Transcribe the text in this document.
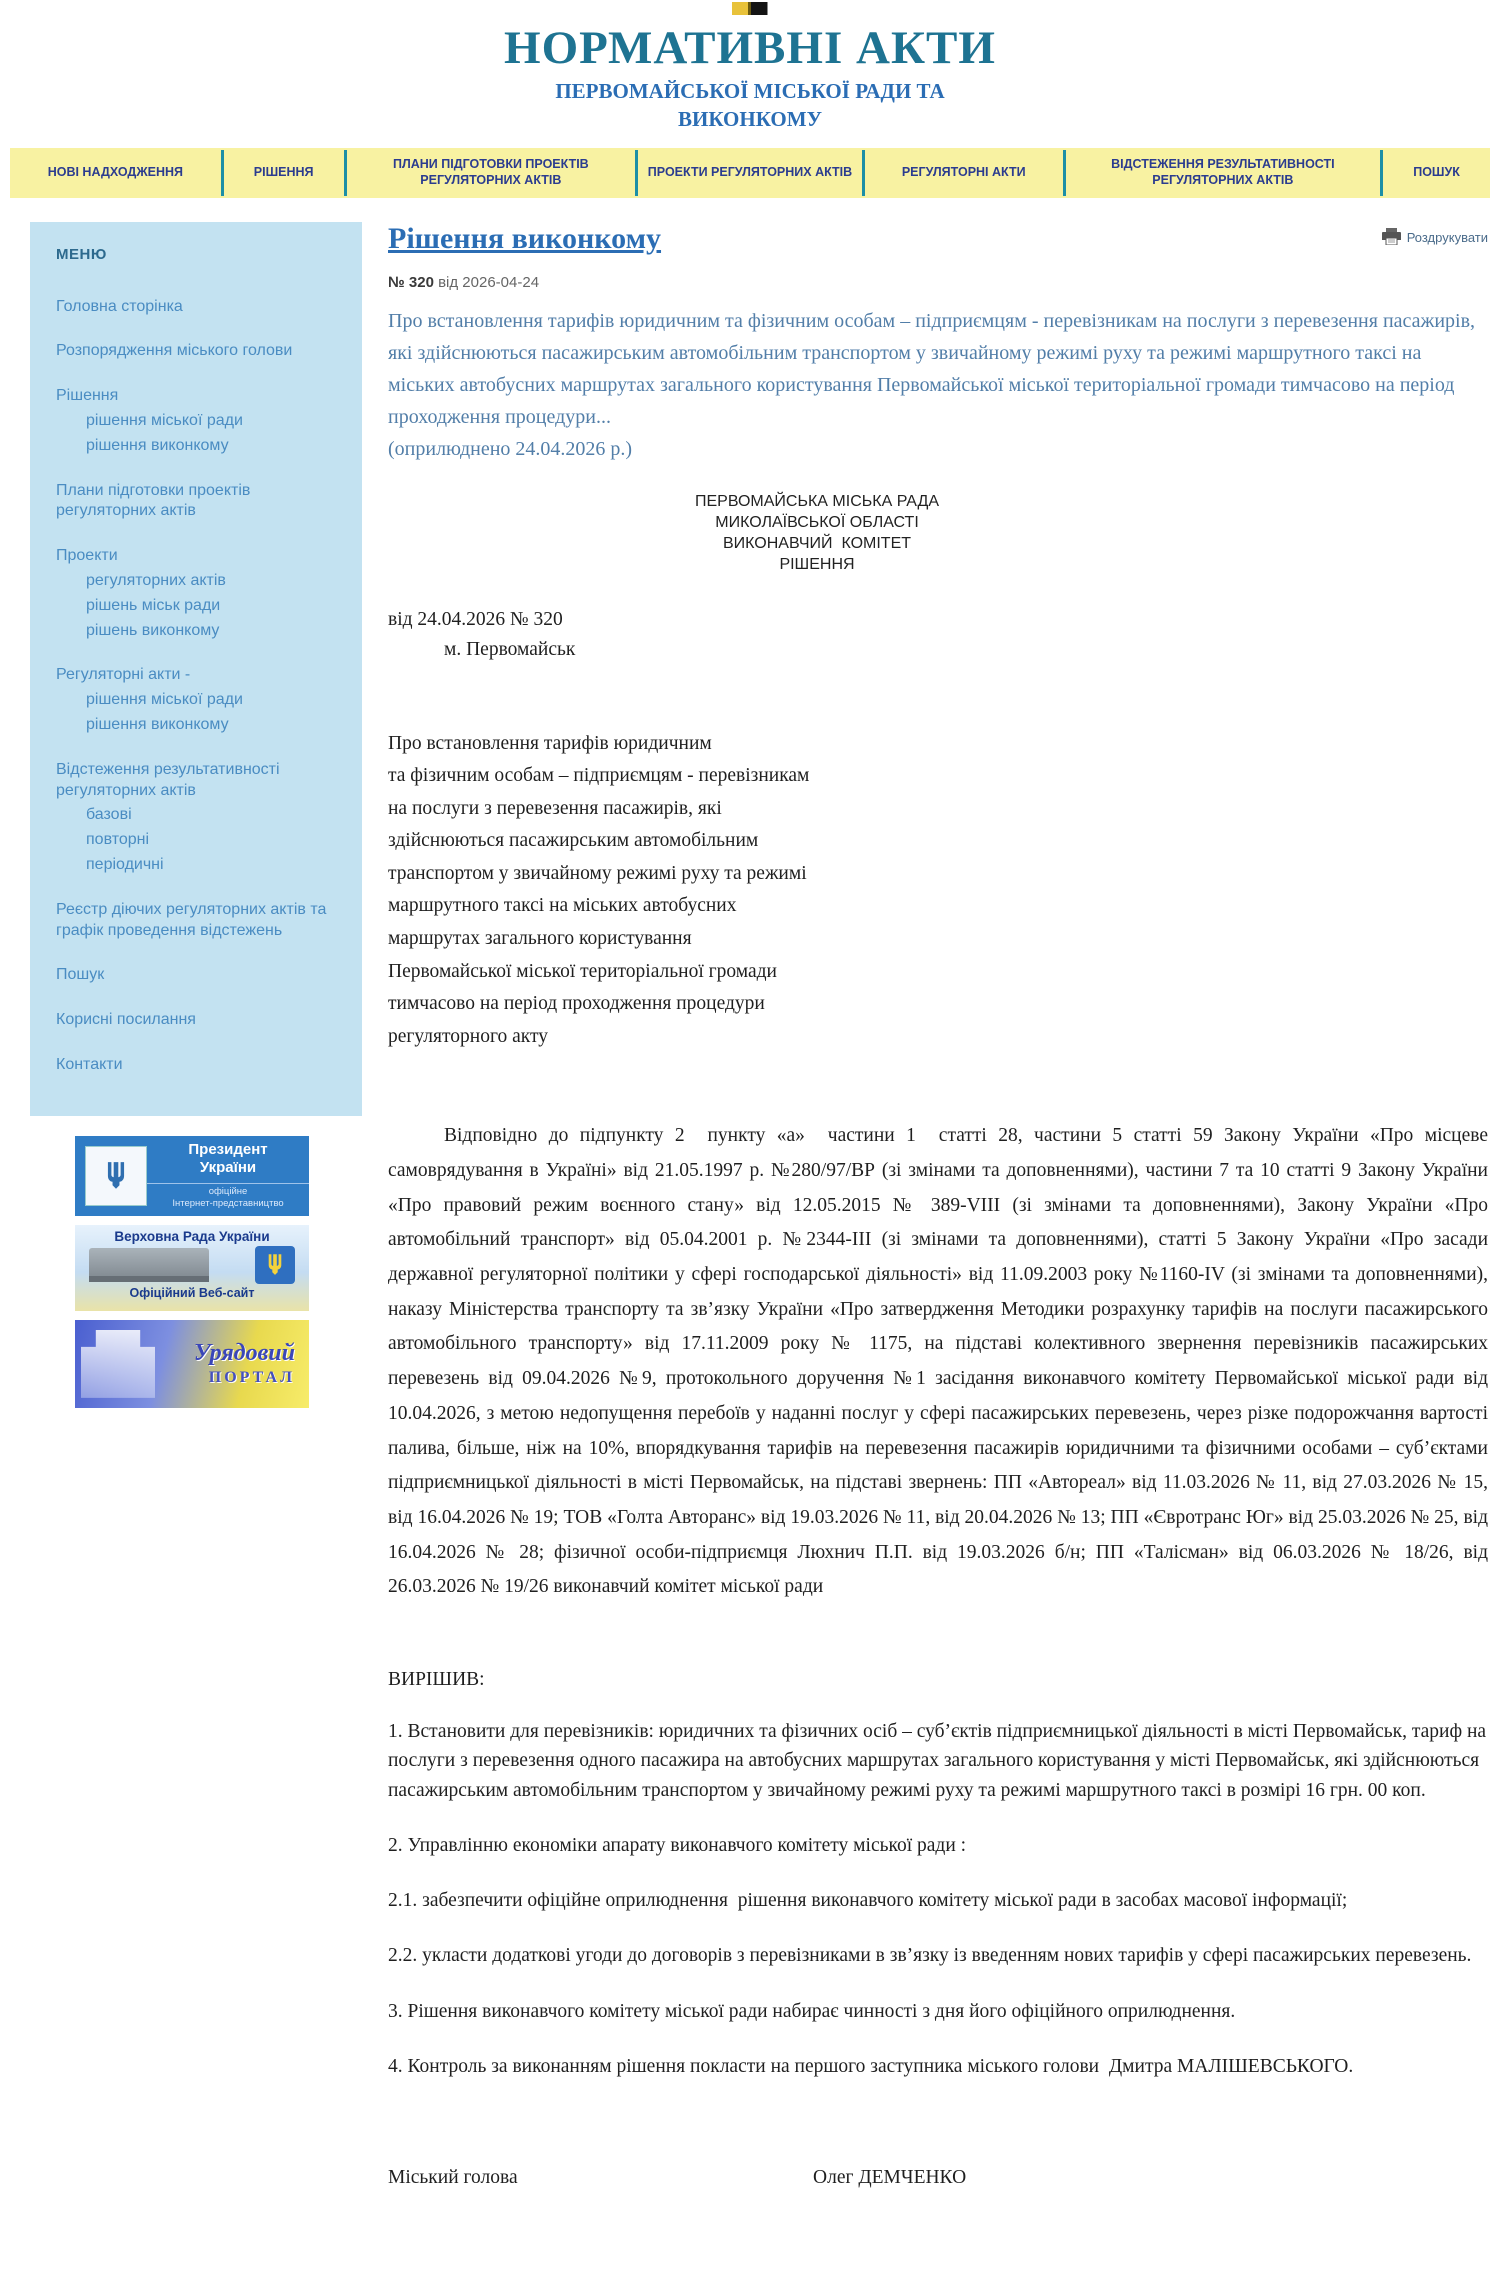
НОРМАТИВНІ АКТИ
ПЕРВОМАЙСЬКОЇ МІСЬКОЇ РАДИ ТА
ВИКОНКОМУ
НОВІ НАДХОДЖЕННЯ	РІШЕННЯ
ПЛАНИ ПІДГОТОВКИ ПРОЕКТІВ РЕГУЛЯТОРНИХ АКТІВ
ПРОЕКТИ РЕГУЛЯТОРНИХ АКТІВ	РЕГУЛЯТОРНІ АКТИ
ВІДСТЕЖЕННЯ РЕЗУЛЬТАТИВНОСТІ РЕГУЛЯТОРНИХ АКТІВ
ПОШУК
МЕНЮ
Головна сторінка
Розпорядження міського голови
Рішення
рішення міської ради
рішення виконкому
Плани підготовки проектів регуляторних актів
Проекти
регуляторних актів
рішень міськ ради
рішень виконкому
Регуляторні акти -
рішення міської ради
рішення виконкому
Відстеження результативності регуляторних актів
базові
повторні
періодичні
Реєстр діючих регуляторних актів та графік проведення відстежень
Пошук
Корисні посилання
Контакти
Президент
України
офіційне
Інтернет-представництво
Верховна Рада України
Офіційний Веб-сайт
Урядовий
ПОРТАЛ
Рішення виконкому	Роздрукувати
№ 320 від 2026-04-24
Про встановлення тарифів юридичним та фізичним особам – підприємцям - перевізникам на послуги з перевезення пасажирів, які здійснюються пасажирським автомобільним транспортом у звичайному режимі руху та режимі маршрутного таксі на міських автобусних маршрутах загального користування Первомайської міської територіальної громади тимчасово на період проходження процедури...
(оприлюднено 24.04.2026 р.)
ПЕРВОМАЙСЬКА МІСЬКА РАДА
МИКОЛАЇВСЬКОЇ ОБЛАСТІ
ВИКОНАВЧИЙ  КОМІТЕТ
РІШЕННЯ
від 24.04.2026 № 320
м. Первомайськ
Про встановлення тарифів юридичним
та фізичним особам – підприємцям - перевізникам
на послуги з перевезення пасажирів, які
здійснюються пасажирським автомобільним
транспортом у звичайному режимі руху та режимі
маршрутного таксі на міських автобусних
маршрутах загального користування
Первомайської міської територіальної громади
тимчасово на період проходження процедури
регуляторного акту
Відповідно до підпункту 2  пункту «а»  частини 1  статті 28, частини 5 статті 59 Закону України «Про місцеве самоврядування в Україні» від 21.05.1997 р. №280/97/ВР (зі змінами та доповненнями), частини 7 та 10 статті 9 Закону України «Про правовий режим воєнного стану» від 12.05.2015 № 389-VIII (зі змінами та доповненнями), Закону України «Про автомобільний транспорт» від 05.04.2001 р. №2344-ІІІ (зі змінами та доповненнями), статті 5 Закону України «Про засади державної регуляторної політики у сфері господарської діяльності» від 11.09.2003 року №1160-IV (зі змінами та доповненнями), наказу Міністерства транспорту та зв’язку України «Про затвердження Методики розрахунку тарифів на послуги пасажирського автомобільного транспорту» від 17.11.2009 року № 1175, на підставі колективного звернення перевізників пасажирських перевезень від 09.04.2026 №9, протокольного доручення №1 засідання виконавчого комітету Первомайської міської ради від 10.04.2026, з метою недопущення перебоїв у наданні послуг у сфері пасажирських перевезень, через різке подорожчання вартості палива, більше, ніж на 10%, впорядкування тарифів на перевезення пасажирів юридичними та фізичними особами – суб’єктами підприємницької діяльності в місті Первомайськ, на підставі звернень: ПП «Автореал» від 11.03.2026 № 11, від 27.03.2026 № 15, від 16.04.2026 № 19; ТОВ «Голта Авторанс» від 19.03.2026 № 11, від 20.04.2026 № 13; ПП «Євротранс Юг» від 25.03.2026 № 25, від 16.04.2026 № 28; фізичної особи-підприємця Люхнич П.П. від 19.03.2026 б/н; ПП «Талісман» від 06.03.2026 № 18/26, від 26.03.2026 № 19/26 виконавчий комітет міської ради
ВИРІШИВ:

1. Встановити для перевізників: юридичних та фізичних осіб – суб’єктів підприємницької діяльності в місті Первомайськ, тариф на послуги з перевезення одного пасажира на автобусних маршрутах загального користування у місті Первомайськ, які здійснюються пасажирським автомобільним транспортом у звичайному режимі руху та режимі маршрутного таксі в розмірі 16 грн. 00 коп.

2. Управлінню економіки апарату виконавчого комітету міської ради :

2.1. забезпечити офіційне оприлюднення  рішення виконавчого комітету міської ради в засобах масової інформації;

2.2. укласти додаткові угоди до договорів з перевізниками в зв’язку із введенням нових тарифів у сфері пасажирських перевезень.

3. Рішення виконавчого комітету міської ради набирає чинності з дня його офіційного оприлюднення.

4. Контроль за виконанням рішення покласти на першого заступника міського голови  Дмитра МАЛІШЕВСЬКОГО.

Міський голова	Олег ДЕМЧЕНКО
